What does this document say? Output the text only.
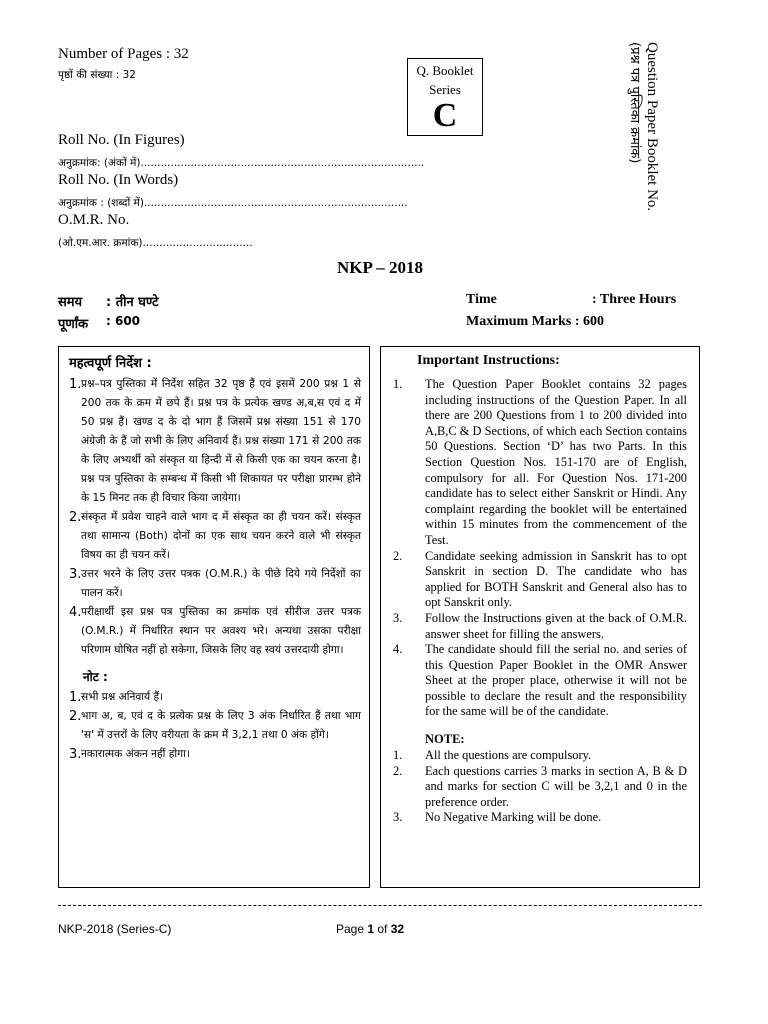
Number of Pages : 32
पृष्ठों की संख्या : 32
Roll No. (In Figures)
अनुक्रमांक: (अंकों में).....................................................................................
Roll No. (In Words)
अनुक्रमांक : (शब्दों में)...............................................................................
O.M.R. No.
(ओ.एम.आर. क्रमांक).................................
Q. Booklet
Series
C	Question Paper Booklet No.
(प्रश्न पत्र पुस्तिका क्रमांक)
NKP – 2018
समय : तीन घण्टे
पूर्णांक : 600
Time	: Three Hours
Maximum Marks : 600
महत्वपूर्ण निर्देश :
1. प्रश्न–पत्र पुस्तिका में निर्देश सहित 32 पृष्ठ हैं एवं इसमें 200 प्रश्न 1 से 200 तक के क्रम में छपे हैं। प्रश्न पत्र के प्रत्येक खण्ड अ,ब,स एवं द में 50 प्रश्न हैं। खण्ड द के दो भाग हैं जिसमें प्रश्न संख्या 151 से 170 अंग्रेजी के हैं जो सभी के लिए अनिवार्य हैं। प्रश्न संख्या 171 से 200 तक के लिए अभ्यर्थी को संस्कृत या हिन्दी में से किसी एक का चयन करना है। प्रश्न पत्र पुस्तिका के सम्बन्ध में किसी भी शिकायत पर परीक्षा प्रारम्भ होने के 15 मिनट तक ही विचार किया जायेगा।
2. संस्कृत में प्रवेश चाहने वाले भाग द में संस्कृत का ही चयन करें। संस्कृत तथा सामान्य (Both) दोनों का एक साथ चयन करने वाले भी संस्कृत विषय का ही चयन करें।
3. उत्तर भरने के लिए उत्तर पत्रक (O.M.R.) के पीछे दिये गये निर्देशों का पालन करें।
4. परीक्षार्थी इस प्रश्न पत्र पुस्तिका का क्रमांक एवं सीरीज उत्तर पत्रक (O.M.R.) में निर्धारित स्थान पर अवश्य भरे। अन्यथा उसका परीक्षा परिणाम घोषित नहीं हो सकेगा, जिसके लिए वह स्वयं उत्तरदायी होगा।
नोट :
1. सभी प्रश्न अनिवार्य हैं।
2. भाग अ, ब, एवं द के प्रत्येक प्रश्न के लिए 3 अंक निर्धारित हैं तथा भाग 'स' में उत्तरों के लिए वरीयता के क्रम में 3,2,1 तथा 0 अंक होंगे।
3. नकारात्मक अंकन नहीं होगा।
Important Instructions:
1. The Question Paper Booklet contains 32 pages including instructions of the Question Paper. In all there are 200 Questions from 1 to 200 divided into A,B,C & D Sections, of which each Section contains 50 Questions. Section ‘D’ has two Parts. In this Section Question Nos. 151-170 are of English, compulsory for all. For Question Nos. 171-200 candidate has to select either Sanskrit or Hindi. Any complaint regarding the booklet will be entertained within 15 minutes from the commencement of the Test.
2. Candidate seeking admission in Sanskrit has to opt Sanskrit in section D. The candidate who has applied for BOTH Sanskrit and General also has to opt Sanskrit only.
3. Follow the Instructions given at the back of O.M.R. answer sheet for filling the answers.
4. The candidate should fill the serial no. and series of this Question Paper Booklet in the OMR Answer Sheet at the proper place, otherwise it will not be possible to declare the result and the responsibility for the same will be of the candidate.
NOTE:
1. All the questions are compulsory.
2. Each questions carries 3 marks in section A, B & D and marks for section C will be 3,2,1 and 0 in the preference order.
3. No Negative Marking will be done.
NKP-2018 (Series-C)	Page 1 of 32
